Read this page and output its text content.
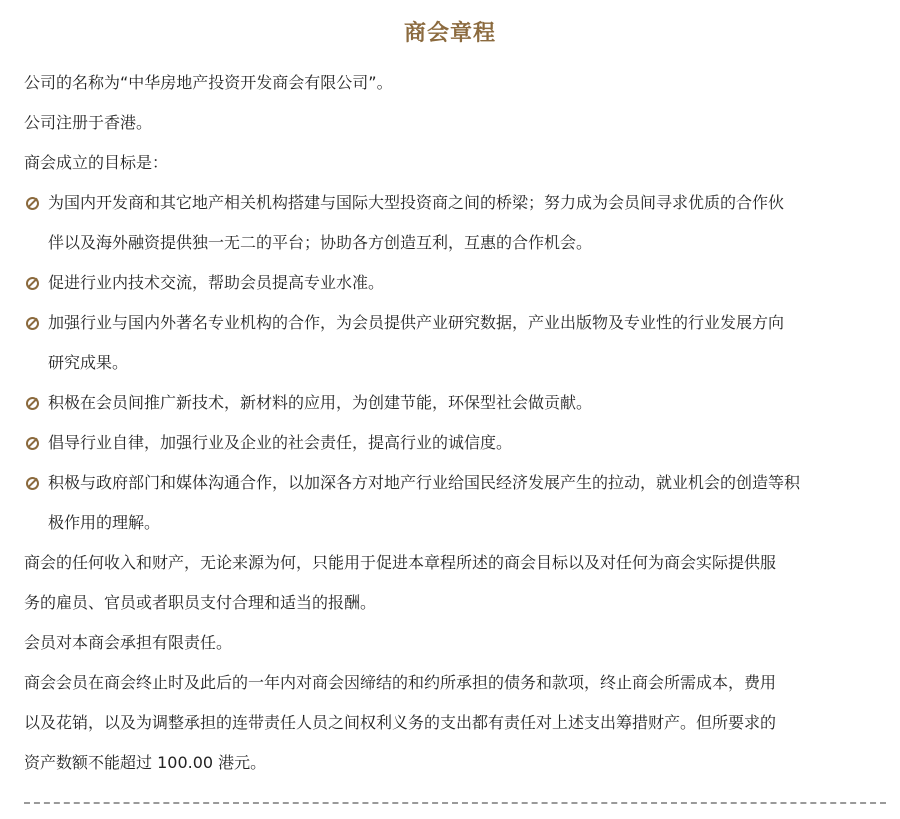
商会章程

公司的名称为“中华房地产投资开发商会有限公司”。

公司注册于香港。

商会成立的目标是：

为国内开发商和其它地产相关机构搭建与国际大型投资商之间的桥梁；努力成为会员间寻求优质的合作伙
伴以及海外融资提供独一无二的平台；协助各方创造互利，互惠的合作机会。
促进行业内技术交流，帮助会员提高专业水准。
加强行业与国内外著名专业机构的合作，为会员提供产业研究数据，产业出版物及专业性的行业发展方向
研究成果。
积极在会员间推广新技术，新材料的应用，为创建节能，环保型社会做贡献。
倡导行业自律，加强行业及企业的社会责任，提高行业的诚信度。
积极与政府部门和媒体沟通合作，以加深各方对地产行业给国民经济发展产生的拉动，就业机会的创造等积
极作用的理解。

商会的任何收入和财产，无论来源为何，只能用于促进本章程所述的商会目标以及对任何为商会实际提供服

务的雇员、官员或者职员支付合理和适当的报酬。

会员对本商会承担有限责任。

商会会员在商会终止时及此后的一年内对商会因缔结的和约所承担的债务和款项，终止商会所需成本，费用

以及花销，以及为调整承担的连带责任人员之间权利义务的支出都有责任对上述支出筹措财产。但所要求的

资产数额不能超过 100.00 港元。
